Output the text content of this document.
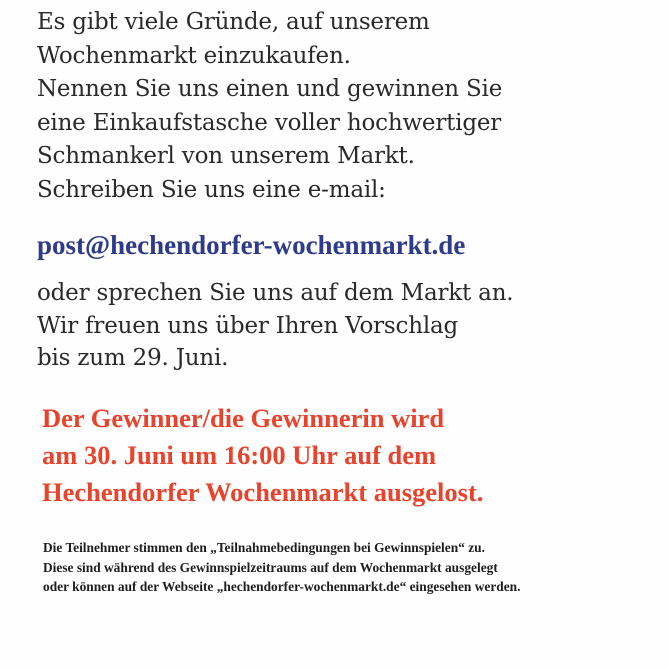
Es gibt viele Gründe, auf unserem
Wochenmarkt einzukaufen.
Nennen Sie uns einen und gewinnen Sie
eine Einkaufstasche voller hochwertiger
Schmankerl von unserem Markt.
Schreiben Sie uns eine e-mail:
post@hechendorfer-wochenmarkt.de
oder sprechen Sie uns auf dem Markt an.
Wir freuen uns über Ihren Vorschlag
bis zum 29. Juni.
Der Gewinner/die Gewinnerin wird
am 30. Juni um 16:00 Uhr auf dem
Hechendorfer Wochenmarkt ausgelost.
Die Teilnehmer stimmen den „Teilnahmebedingungen bei Gewinnspielen“ zu.
Diese sind während des Gewinnspielzeitraums auf dem Wochenmarkt ausgelegt
oder können auf der Webseite „hechendorfer-wochenmarkt.de“ eingesehen werden.
